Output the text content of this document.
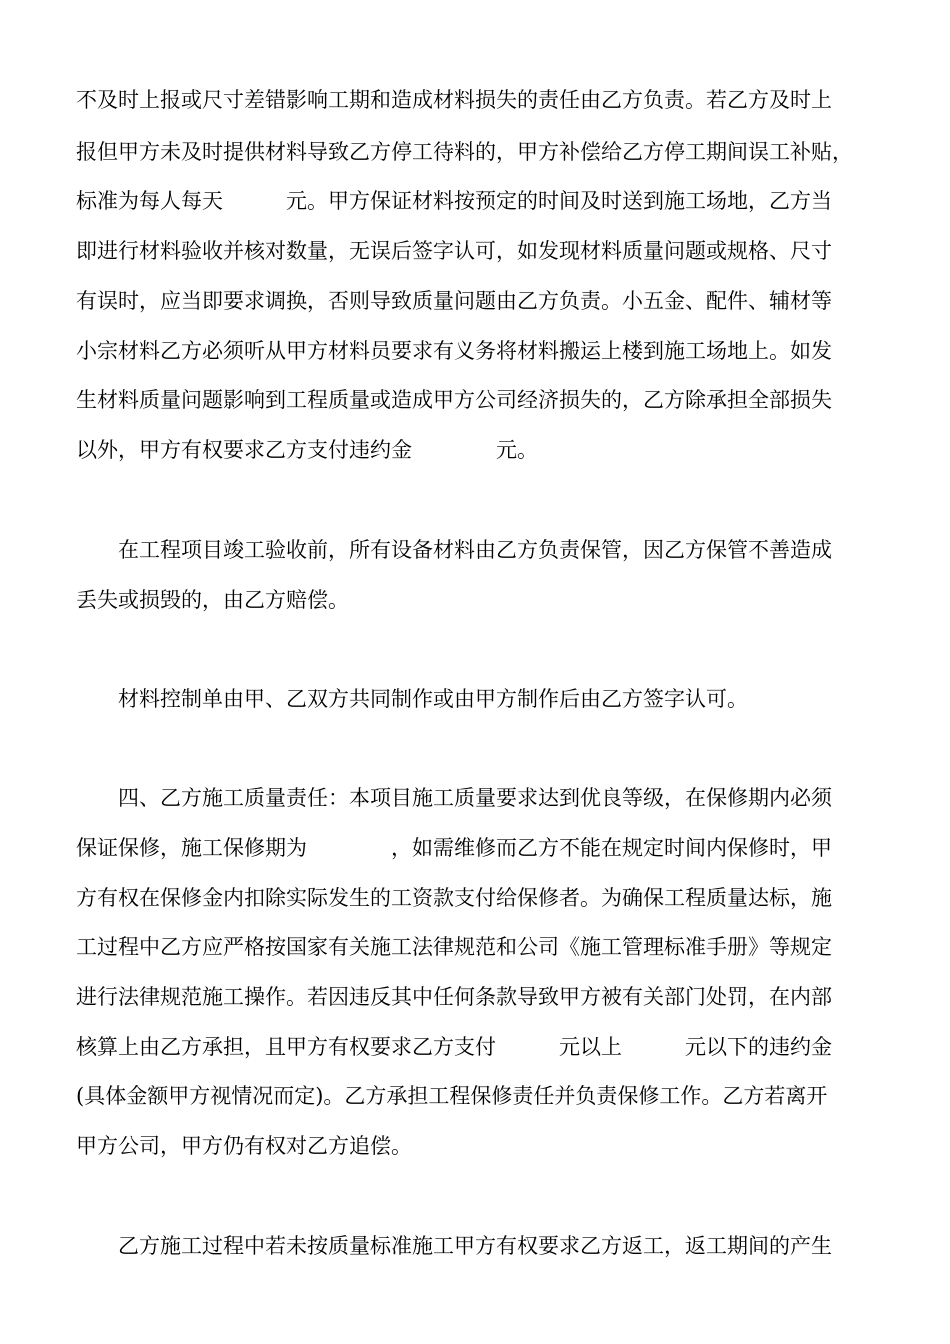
不及时上报或尺寸差错影响工期和造成材料损失的责任由乙方负责。若乙方及时上
报但甲方未及时提供材料导致乙方停工待料的，甲方补偿给乙方停工期间误工补贴，
标准为每人每天　　　元。甲方保证材料按预定的时间及时送到施工场地，乙方当
即进行材料验收并核对数量，无误后签字认可，如发现材料质量问题或规格、尺寸
有误时，应当即要求调换，否则导致质量问题由乙方负责。小五金、配件、辅材等
小宗材料乙方必须听从甲方材料员要求有义务将材料搬运上楼到施工场地上。如发
生材料质量问题影响到工程质量或造成甲方公司经济损失的，乙方除承担全部损失
以外，甲方有权要求乙方支付违约金　　　　元。
在工程项目竣工验收前，所有设备材料由乙方负责保管，因乙方保管不善造成
丢失或损毁的，由乙方赔偿。
材料控制单由甲、乙双方共同制作或由甲方制作后由乙方签字认可。
四、乙方施工质量责任：本项目施工质量要求达到优良等级，在保修期内必须
保证保修，施工保修期为　　　　，如需维修而乙方不能在规定时间内保修时，甲
方有权在保修金内扣除实际发生的工资款支付给保修者。为确保工程质量达标，施
工过程中乙方应严格按国家有关施工法律规范和公司《施工管理标准手册》等规定
进行法律规范施工操作。若因违反其中任何条款导致甲方被有关部门处罚，在内部
核算上由乙方承担，且甲方有权要求乙方支付　　　元以上　　　元以下的违约金
(具体金额甲方视情况而定)。乙方承担工程保修责任并负责保修工作。乙方若离开
甲方公司，甲方仍有权对乙方追偿。
乙方施工过程中若未按质量标准施工甲方有权要求乙方返工，返工期间的产生
